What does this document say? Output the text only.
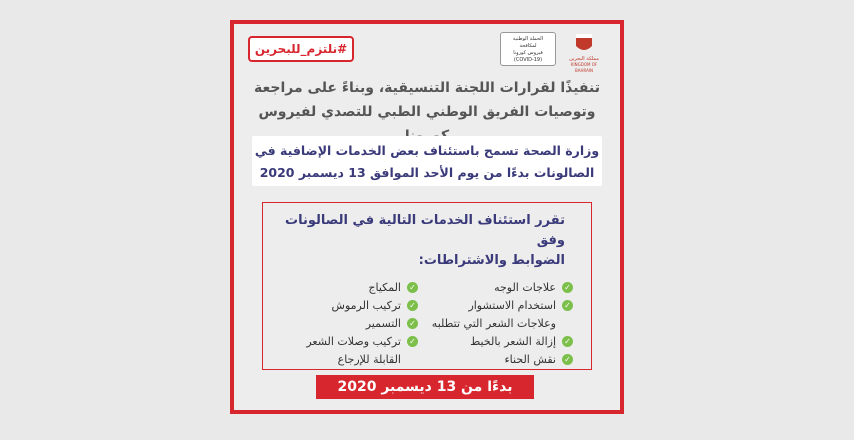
#نلتزم_للبحرين
الحملة الوطنية
لمكافحة
فيروس كورونا
(COVID-19)	مملكة البحرين
KINGDOM OF BAHRAIN
تنفيذًا لقرارات اللجنة التنسيقية، وبناءً على مراجعة
وتوصيات الفريق الوطني الطبي للتصدي لفيروس
وزارة الصحة تسمح باستئناف بعض الخدمات الإضافية في
الصالونات بدءًا من يوم الأحد الموافق 13 ديسمبر 2020
تقرر استئناف الخدمات التالية في الصالونات وفق
الضوابط والاشتراطات:
✓
علاجات الوجه
✓
استخدام الاستشوار
وعلاجات الشعر التي تتطلبه
✓
إزالة الشعر بالخيط
✓
نقش الحناء
✓
المكياج
✓
تركيب الرموش
✓
التسمير
✓
تركيب وصلات الشعر
القابلة للإرجاع
بدءًا من 13 ديسمبر 2020
